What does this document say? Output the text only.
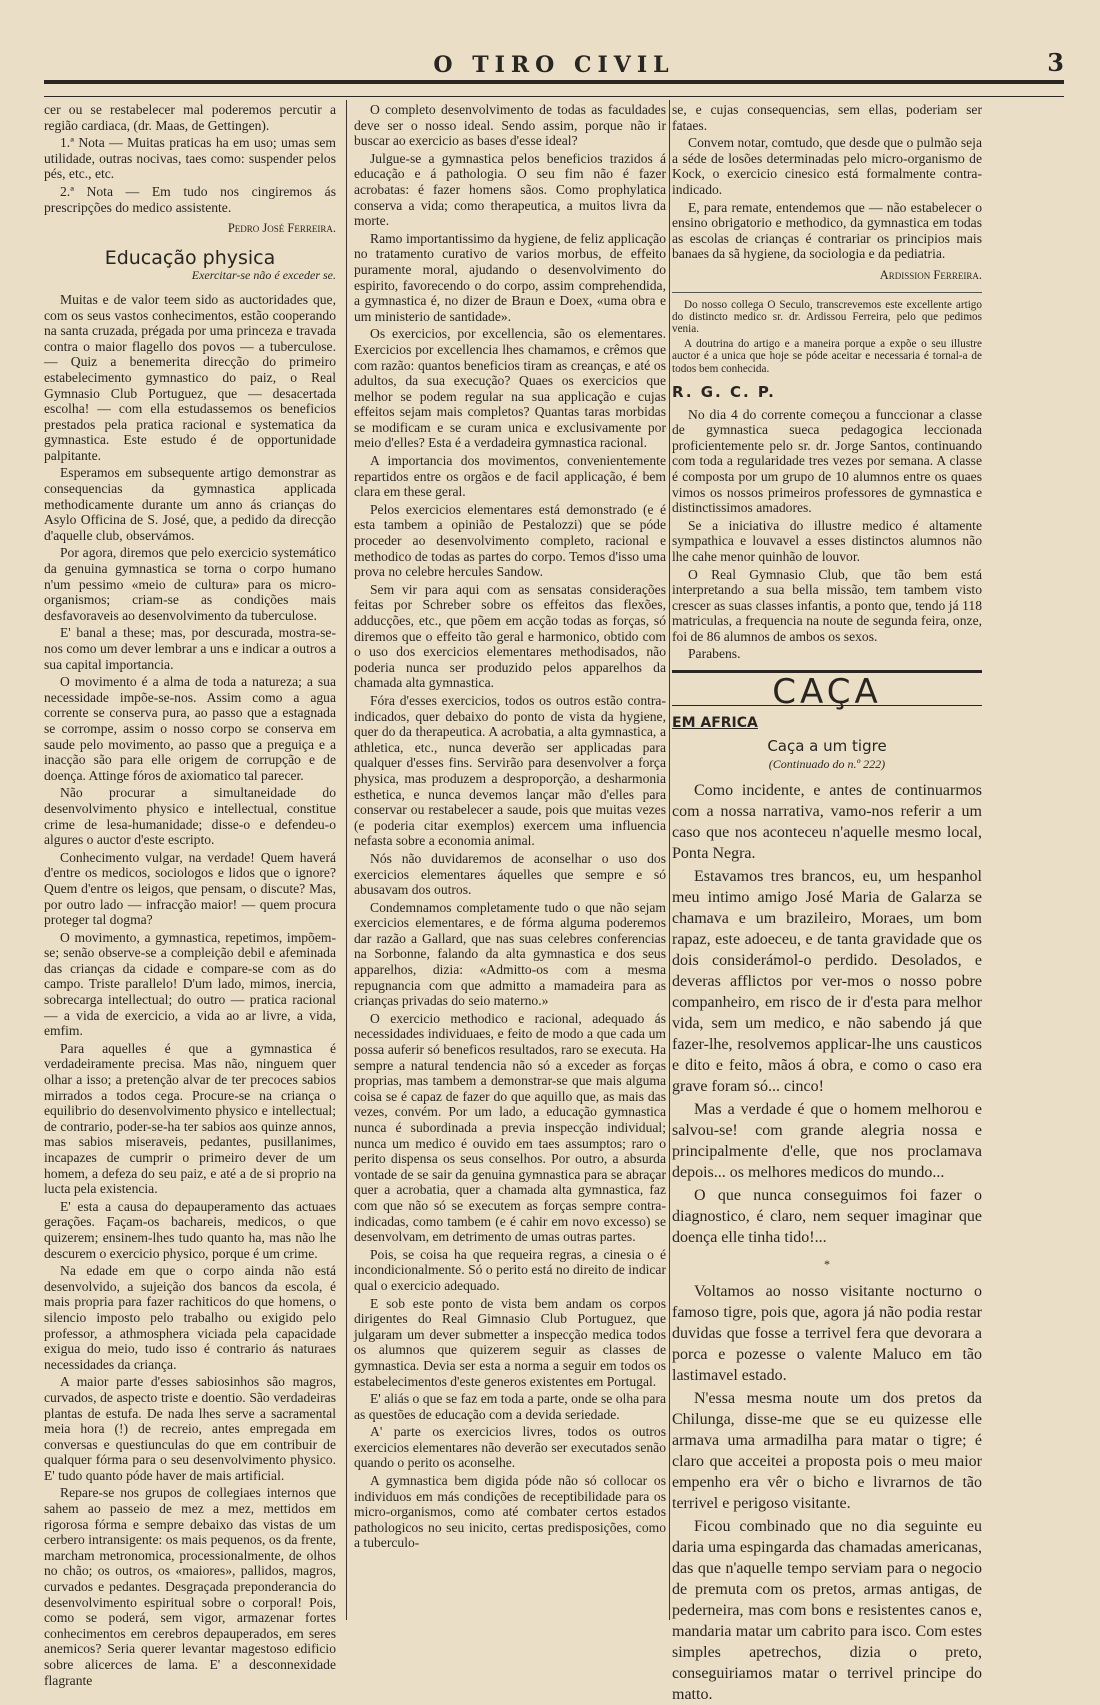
O TIRO CIVIL	3

cer ou se restabelecer mal poderemos percutir a região cardiaca, (dr. Maas, de Gettingen).

1.ª Nota — Muitas praticas ha em uso; umas sem utilidade, outras nocivas, taes como: suspender pelos pés, etc., etc.

2.ª Nota — Em tudo nos cingiremos ás prescripções do medico assistente.

Pedro José Ferreira.
Educação physica
Exercitar-se não é exceder se.

Muitas e de valor teem sido as auctoridades que, com os seus vastos conhecimentos, estão cooperando na santa cruzada, prégada por uma princeza e travada contra o maior flagello dos povos — a tuberculose. — Quiz a benemerita direcção do primeiro estabelecimento gymnastico do paiz, o Real Gymnasio Club Portuguez, que — desacertada escolha! — com ella estudassemos os beneficios prestados pela pratica racional e systematica da gymnastica. Este estudo é de opportunidade palpitante.

Esperamos em subsequente artigo demonstrar as consequencias da gymnastica applicada methodicamente durante um anno ás crianças do Asylo Officina de S. José, que, a pedido da direcção d'aquelle club, observámos.

Por agora, diremos que pelo exercicio systemático da genuina gymnastica se torna o corpo humano n'um pessimo «meio de cultura» para os micro-organismos; criam-se as condições mais desfavoraveis ao desenvolvimento da tuberculose.

E' banal a these; mas, por descurada, mostra-se-nos como um dever lembrar a uns e indicar a outros a sua capital importancia.

O movimento é a alma de toda a natureza; a sua necessidade impõe-se-nos. Assim como a agua corrente se conserva pura, ao passo que a estagnada se corrompe, assim o nosso corpo se conserva em saude pelo movimento, ao passo que a preguiça e a inacção são para elle origem de corrupção e de doença. Attinge fóros de axiomatico tal parecer.

Não procurar a simultaneidade do desenvolvimento physico e intellectual, constitue crime de lesa-humanidade; disse-o e defendeu-o algures o auctor d'este escripto.

Conhecimento vulgar, na verdade! Quem haverá d'entre os medicos, sociologos e lidos que o ignore? Quem d'entre os leigos, que pensam, o discute? Mas, por outro lado — infracção maior! — quem procura proteger tal dogma?

O movimento, a gymnastica, repetimos, impõem-se; senão observe-se a compleição debil e afeminada das crianças da cidade e compare-se com as do campo. Triste parallelo! D'um lado, mimos, inercia, sobrecarga intellectual; do outro — pratica racional — a vida de exercicio, a vida ao ar livre, a vida, emfim.

Para aquelles é que a gymnastica é verdadeiramente precisa. Mas não, ninguem quer olhar a isso; a pretenção alvar de ter precoces sabios mirrados a todos cega. Procure-se na criança o equilibrio do desenvolvimento physico e intellectual; de contrario, poder-se-ha ter sabios aos quinze annos, mas sabios miseraveis, pedantes, pusillanimes, incapazes de cumprir o primeiro dever de um homem, a defeza do seu paiz, e até a de si proprio na lucta pela existencia.

E' esta a causa do depauperamento das actuaes gerações. Façam-os bachareis, medicos, o que quizerem; ensinem-lhes tudo quanto ha, mas não lhe descurem o exercicio physico, porque é um crime.

Na edade em que o corpo ainda não está desenvolvido, a sujeição dos bancos da escola, é mais propria para fazer rachiticos do que homens, o silencio imposto pelo trabalho ou exigido pelo professor, a athmosphera viciada pela capacidade exigua do meio, tudo isso é contrario ás naturaes necessidades da criança.

A maior parte d'esses sabiosinhos são magros, curvados, de aspecto triste e doentio. São verdadeiras plantas de estufa. De nada lhes serve a sacramental meia hora (!) de recreio, antes empregada em conversas e questiunculas do que em contribuir de qualquer fórma para o seu desenvolvimento physico. E' tudo quanto póde haver de mais artificial.

Repare-se nos grupos de collegiaes internos que sahem ao passeio de mez a mez, mettidos em rigorosa fórma e sempre debaixo das vistas de um cerbero intransigente: os mais pequenos, os da frente, marcham metronomica, processionalmente, de olhos no chão; os outros, os «maiores», pallidos, magros, curvados e pedantes. Desgraçada preponderancia do desenvolvimento espiritual sobre o corporal! Pois, como se poderá, sem vigor, armazenar fortes conhecimentos em cerebros depauperados, em seres anemicos? Seria querer levantar magestoso edificio sobre alicerces de lama. E' a desconnexidade flagrante

O completo desenvolvimento de todas as faculdades deve ser o nosso ideal. Sendo assim, porque não ir buscar ao exercicio as bases d'esse ideal?

Julgue-se a gymnastica pelos beneficios trazidos á educação e á pathologia. O seu fim não é fazer acrobatas: é fazer homens sãos. Como prophylatica conserva a vida; como therapeutica, a muitos livra da morte.

Ramo importantissimo da hygiene, de feliz applicação no tratamento curativo de varios morbus, de effeito puramente moral, ajudando o desenvolvimento do espirito, favorecendo o do corpo, assim comprehendida, a gymnastica é, no dizer de Braun e Doex, «uma obra e um ministerio de santidade».

Os exercicios, por excellencia, são os elementares. Exercicios por excellencia lhes chamamos, e crêmos que com razão: quantos beneficios tiram as creanças, e até os adultos, da sua execução? Quaes os exercicios que melhor se podem regular na sua applicação e cujas effeitos sejam mais completos? Quantas taras morbidas se modificam e se curam unica e exclusivamente por meio d'elles? Esta é a verdadeira gymnastica racional.

A importancia dos movimentos, convenientemente repartidos entre os orgãos e de facil applicação, é bem clara em these geral.

Pelos exercicios elementares está demonstrado (e é esta tambem a opinião de Pestalozzi) que se póde proceder ao desenvolvimento completo, racional e methodico de todas as partes do corpo. Temos d'isso uma prova no celebre hercules Sandow.

Sem vir para aqui com as sensatas considerações feitas por Schreber sobre os effeitos das flexões, adducções, etc., que põem em acção todas as forças, só diremos que o effeito tão geral e harmonico, obtido com o uso dos exercicios elementares methodisados, não poderia nunca ser produzido pelos apparelhos da chamada alta gymnastica.

Fóra d'esses exercicios, todos os outros estão contra-indicados, quer debaixo do ponto de vista da hygiene, quer do da therapeutica. A acrobatia, a alta gymnastica, a athletica, etc., nunca deverão ser applicadas para qualquer d'esses fins. Servirão para desenvolver a força physica, mas produzem a desproporção, a desharmonia esthetica, e nunca devemos lançar mão d'elles para conservar ou restabelecer a saude, pois que muitas vezes (e poderia citar exemplos) exercem uma influencia nefasta sobre a economia animal.

Nós não duvidaremos de aconselhar o uso dos exercicios elementares áquelles que sempre e só abusavam dos outros.

Condemnamos completamente tudo o que não sejam exercicios elementares, e de fórma alguma poderemos dar razão a Gallard, que nas suas celebres conferencias na Sorbonne, falando da alta gymnastica e dos seus apparelhos, dizia: «Admitto-os com a mesma repugnancia com que admitto a mamadeira para as crianças privadas do seio materno.»

O exercicio methodico e racional, adequado ás necessidades individuaes, e feito de modo a que cada um possa auferir só beneficos resultados, raro se executa. Ha sempre a natural tendencia não só a exceder as forças proprias, mas tambem a demonstrar-se que mais alguma coisa se é capaz de fazer do que aquillo que, as mais das vezes, convém. Por um lado, a educação gymnastica nunca é subordinada a previa inspecção individual; nunca um medico é ouvido em taes assumptos; raro o perito dispensa os seus conselhos. Por outro, a absurda vontade de se sair da genuina gymnastica para se abraçar quer a acrobatia, quer a chamada alta gymnastica, faz com que não só se executem as forças sempre contra-indicadas, como tambem (e é cahir em novo excesso) se desenvolvam, em detrimento de umas outras partes.

Pois, se coisa ha que requeira regras, a cinesia o é incondicionalmente. Só o perito está no direito de indicar qual o exercicio adequado.

E sob este ponto de vista bem andam os corpos dirigentes do Real Gimnasio Club Portuguez, que julgaram um dever submetter a inspecção medica todos os alumnos que quizerem seguir as classes de gymnastica. Devia ser esta a norma a seguir em todos os estabelecimentos d'este generos existentes em Portugal.

E' aliás o que se faz em toda a parte, onde se olha para as questões de educação com a devida seriedade.

A' parte os exercicios livres, todos os outros exercicios elementares não deverão ser executados senão quando o perito os aconselhe.

A gymnastica bem digida póde não só collocar os individuos em más condições de receptibilidade para os micro-organismos, como até combater certos estados pathologicos no seu inicito, certas predisposições, como a tuberculo-

se, e cujas consequencias, sem ellas, poderiam ser fataes.

Convem notar, comtudo, que desde que o pulmão seja a séde de losões determinadas pelo micro-organismo de Kock, o exercicio cinesico está formalmente contra-indicado.

E, para remate, entendemos que — não estabelecer o ensino obrigatorio e methodico, da gymnastica em todas as escolas de crianças é contrariar os principios mais banaes da sã hygiene, da sociologia e da pediatria.

Ardission Ferreira.

Do nosso collega O Seculo, transcrevemos este excellente artigo do distincto medico sr. dr. Ardissou Ferreira, pelo que pedimos venia.

A doutrina do artigo e a maneira porque a expõe o seu illustre auctor é a unica que hoje se póde aceitar e necessaria é tornal-a de todos bem conhecida.

R. G. C. P.

No dia 4 do corrente começou a funccionar a classe de gymnastica sueca pedagogica leccionada proficientemente pelo sr. dr. Jorge Santos, continuando com toda a regularidade tres vezes por semana. A classe é composta por um grupo de 10 alumnos entre os quaes vimos os nossos primeiros professores de gymnastica e distinctissimos amadores.

Se a iniciativa do illustre medico é altamente sympathica e louvavel a esses distinctos alumnos não lhe cahe menor quinhão de louvor.

O Real Gymnasio Club, que tão bem está interpretando a sua bella missão, tem tambem visto crescer as suas classes infantis, a ponto que, tendo já 118 matriculas, a frequencia na noute de segunda feira, onze, foi de 86 alumnos de ambos os sexos.

Parabens.

CAÇA
EM AFRICA
Caça a um tigre
(Continuado do n.º 222)

Como incidente, e antes de continuarmos com a nossa narrativa, vamo-nos referir a um caso que nos aconteceu n'aquelle mesmo local, Ponta Negra.

Estavamos tres brancos, eu, um hespanhol meu intimo amigo José Maria de Galarza se chamava e um brazileiro, Moraes, um bom rapaz, este adoeceu, e de tanta gravidade que os dois considerámol-o perdido. Desolados, e deveras afflictos por ver-mos o nosso pobre companheiro, em risco de ir d'esta para melhor vida, sem um medico, e não sabendo já que fazer-lhe, resolvemos applicar-lhe uns causticos e dito e feito, mãos á obra, e como o caso era grave foram só... cinco!

Mas a verdade é que o homem melhorou e salvou-se! com grande alegria nossa e principalmente d'elle, que nos proclamava depois... os melhores medicos do mundo...

O que nunca conseguimos foi fazer o diagnostico, é claro, nem sequer imaginar que doença elle tinha tido!...

*

Voltamos ao nosso visitante nocturno o famoso tigre, pois que, agora já não podia restar duvidas que fosse a terrivel fera que devorara a porca e pozesse o valente Maluco em tão lastimavel estado.

N'essa mesma noute um dos pretos da Chilunga, disse-me que se eu quizesse elle armava uma armadilha para matar o tigre; é claro que acceitei a proposta pois o meu maior empenho era vêr o bicho e livrarnos de tão terrivel e perigoso visitante.

Ficou combinado que no dia seguinte eu daria uma espingarda das chamadas americanas, das que n'aquelle tempo serviam para o negocio de premuta com os pretos, armas antigas, de pederneira, mas com bons e resistentes canos e, mandaria matar um cabrito para isco. Com estes simples apetrechos, dizia o preto, conseguiriamos matar o terrivel principe do matto.
